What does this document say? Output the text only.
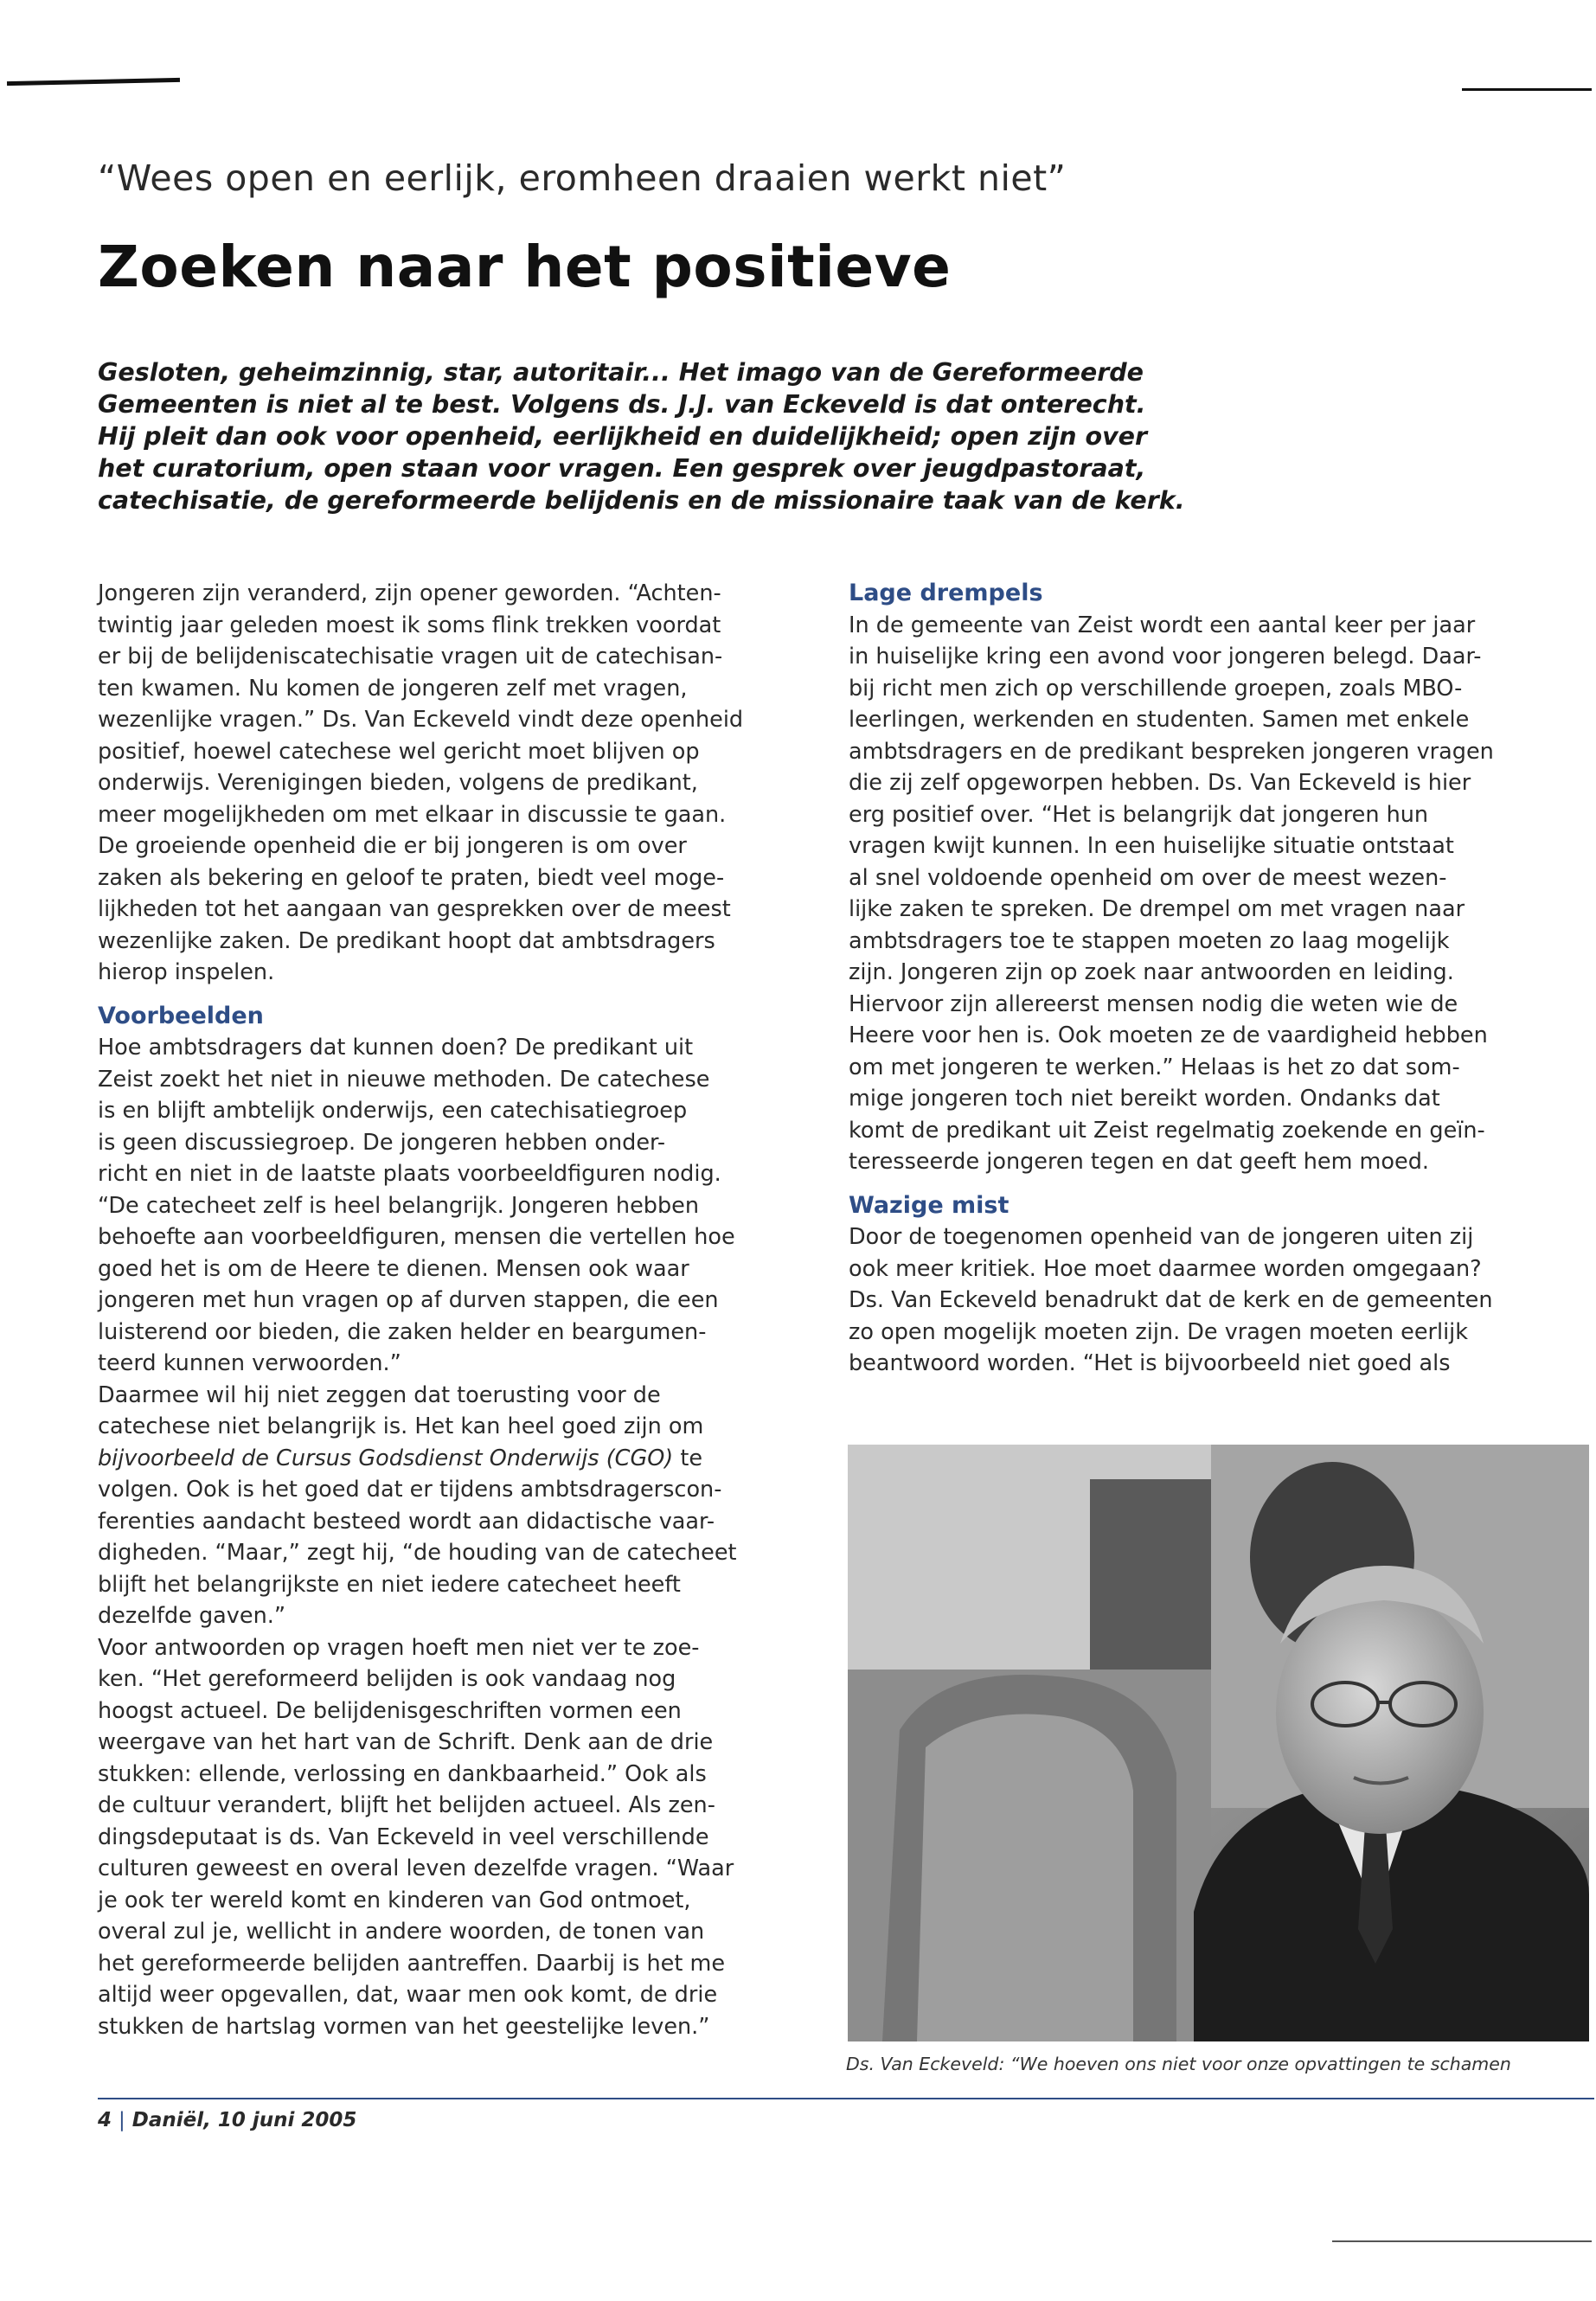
“Wees open en eerlijk, eromheen draaien werkt niet”
Zoeken naar het positieve
Gesloten, geheimzinnig, star, autoritair... Het imago van de Gereformeerde
Gemeenten is niet al te best. Volgens ds. J.J. van Eckeveld is dat onterecht.
Hij pleit dan ook voor openheid, eerlijkheid en duidelijkheid; open zijn over
het curatorium, open staan voor vragen. Een gesprek over jeugdpastoraat,
catechisatie, de gereformeerde belijdenis en de missionaire taak van de kerk.
Jongeren zijn veranderd, zijn opener geworden. “Achten-
twintig jaar geleden moest ik soms flink trekken voordat
er bij de belijdeniscatechisatie vragen uit de catechisan-
ten kwamen. Nu komen de jongeren zelf met vragen,
wezenlijke vragen.” Ds. Van Eckeveld vindt deze openheid
positief, hoewel catechese wel gericht moet blijven op
onderwijs. Verenigingen bieden, volgens de predikant,
meer mogelijkheden om met elkaar in discussie te gaan.
De groeiende openheid die er bij jongeren is om over
zaken als bekering en geloof te praten, biedt veel moge-
lijkheden tot het aangaan van gesprekken over de meest
wezenlijke zaken. De predikant hoopt dat ambtsdragers
hierop inspelen.
Voorbeelden
Hoe ambtsdragers dat kunnen doen? De predikant uit
Zeist zoekt het niet in nieuwe methoden. De catechese
is en blijft ambtelijk onderwijs, een catechisatiegroep
is geen discussiegroep. De jongeren hebben onder-
richt en niet in de laatste plaats voorbeeldfiguren nodig.
“De catecheet zelf is heel belangrijk. Jongeren hebben
behoefte aan voorbeeldfiguren, mensen die vertellen hoe
goed het is om de Heere te dienen. Mensen ook waar
jongeren met hun vragen op af durven stappen, die een
luisterend oor bieden, die zaken helder en beargumen-
teerd kunnen verwoorden.”
Daarmee wil hij niet zeggen dat toerusting voor de
catechese niet belangrijk is. Het kan heel goed zijn om
bijvoorbeeld de Cursus Godsdienst Onderwijs (CGO) te
volgen. Ook is het goed dat er tijdens ambtsdragerscon-
ferenties aandacht besteed wordt aan didactische vaar-
digheden. “Maar,” zegt hij, “de houding van de catecheet
blijft het belangrijkste en niet iedere catecheet heeft
dezelfde gaven.”
Voor antwoorden op vragen hoeft men niet ver te zoe-
ken. “Het gereformeerd belijden is ook vandaag nog
hoogst actueel. De belijdenisgeschriften vormen een
weergave van het hart van de Schrift. Denk aan de drie
stukken: ellende, verlossing en dankbaarheid.” Ook als
de cultuur verandert, blijft het belijden actueel. Als zen-
dingsdeputaat is ds. Van Eckeveld in veel verschillende
culturen geweest en overal leven dezelfde vragen. “Waar
je ook ter wereld komt en kinderen van God ontmoet,
overal zul je, wellicht in andere woorden, de tonen van
het gereformeerde belijden aantreffen. Daarbij is het me
altijd weer opgevallen, dat, waar men ook komt, de drie
stukken de hartslag vormen van het geestelijke leven.”
Lage drempels
In de gemeente van Zeist wordt een aantal keer per jaar
in huiselijke kring een avond voor jongeren belegd. Daar-
bij richt men zich op verschillende groepen, zoals MBO-
leerlingen, werkenden en studenten. Samen met enkele
ambtsdragers en de predikant bespreken jongeren vragen
die zij zelf opgeworpen hebben. Ds. Van Eckeveld is hier
erg positief over. “Het is belangrijk dat jongeren hun
vragen kwijt kunnen. In een huiselijke situatie ontstaat
al snel voldoende openheid om over de meest wezen-
lijke zaken te spreken. De drempel om met vragen naar
ambtsdragers toe te stappen moeten zo laag mogelijk
zijn. Jongeren zijn op zoek naar antwoorden en leiding.
Hiervoor zijn allereerst mensen nodig die weten wie de
Heere voor hen is. Ook moeten ze de vaardigheid hebben
om met jongeren te werken.” Helaas is het zo dat som-
mige jongeren toch niet bereikt worden. Ondanks dat
komt de predikant uit Zeist regelmatig zoekende en geïn-
teresseerde jongeren tegen en dat geeft hem moed.
Wazige mist
Door de toegenomen openheid van de jongeren uiten zij
ook meer kritiek. Hoe moet daarmee worden omgegaan?
Ds. Van Eckeveld benadrukt dat de kerk en de gemeenten
zo open mogelijk moeten zijn. De vragen moeten eerlijk
beantwoord worden. “Het is bijvoorbeeld niet goed als
Ds. Van Eckeveld: “We hoeven ons niet voor onze opvattingen te schamen
4 | Daniël, 10 juni 2005
